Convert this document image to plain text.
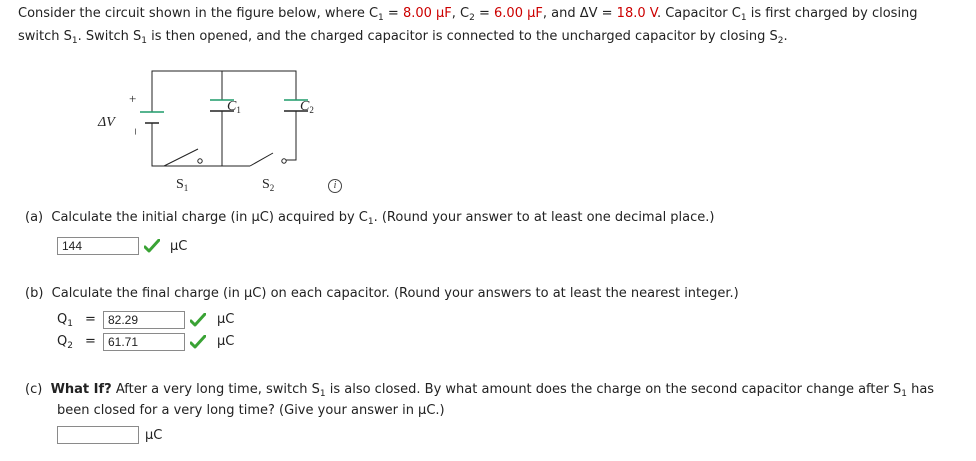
Consider the circuit shown in the figure below, where $C_1 = 8.00$ μF, $C_2 = 6.00$ μF, and ΔV = 18.0 V. Capacitor $C_1$ is first charged by closing
switch $S_1$. Switch $S_1$ is then opened, and the charged capacitor is connected to the uncharged capacitor by closing $S_2$.
+
−
ΔV
$C_1$	$C_2$
$S_1$	$S_2$	i
(a) Calculate the initial charge (in μC) acquired by $C_1$. (Round your answer to at least one decimal place.)
144	μC
(b) Calculate the final charge (in μC) on each capacitor. (Round your answers to at least the nearest integer.)
$Q_1$ =	82.29	μC
$Q_2$ =	61.71	μC
(c) What If? After a very long time, switch $S_1$ is also closed. By what amount does the charge on the second capacitor change after $S_1$ has
been closed for a very long time? (Give your answer in μC.)
μC
